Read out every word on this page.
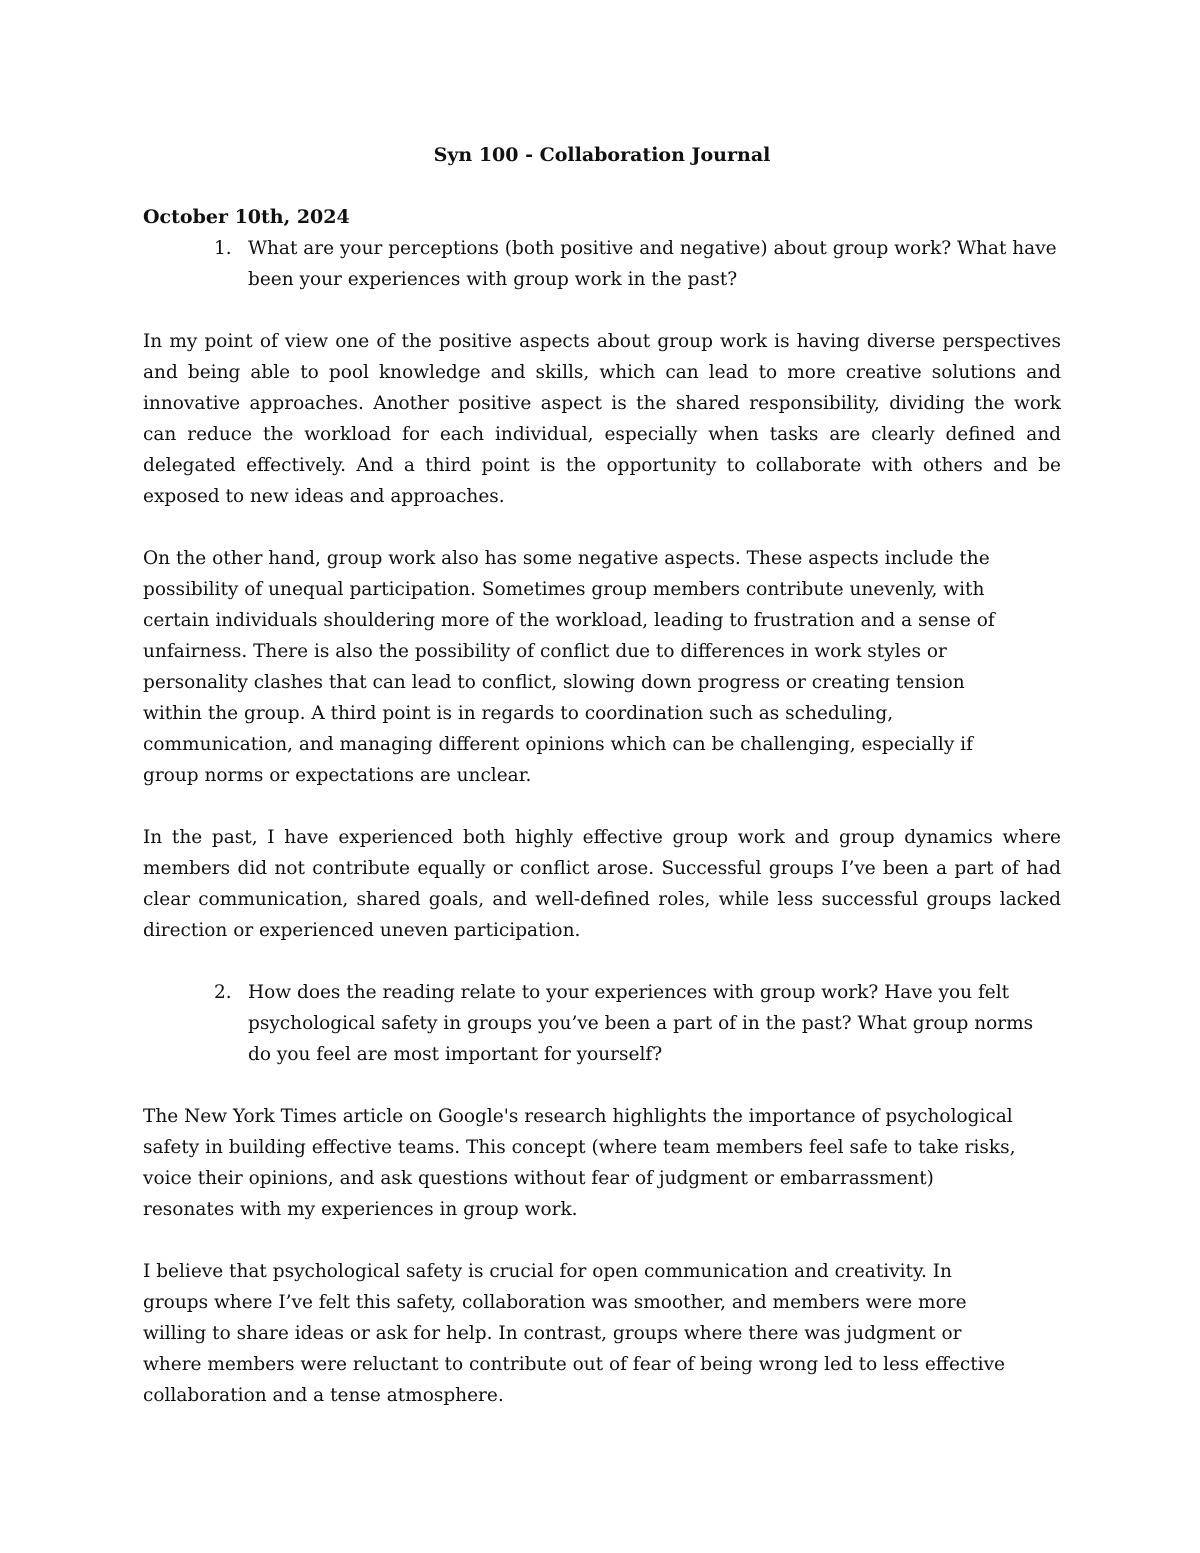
Syn 100 - Collaboration Journal
October 10th, 2024
1. What are your perceptions (both positive and negative) about group work? What have been your experiences with group work in the past?

In my point of view one of the positive aspects about group work is having diverse perspectives and being able to pool knowledge and skills, which can lead to more creative solutions and innovative approaches. Another positive aspect is the shared responsibility, dividing the work can reduce the workload for each individual, especially when tasks are clearly defined and delegated effectively. And a third point is the opportunity to collaborate with others and be exposed to new ideas and approaches.

On the other hand, group work also has some negative aspects. These aspects include the possibility of unequal participation. Sometimes group members contribute unevenly, with certain individuals shouldering more of the workload, leading to frustration and a sense of unfairness. There is also the possibility of conflict due to differences in work styles or personality clashes that can lead to conflict, slowing down progress or creating tension within the group. A third point is in regards to coordination such as scheduling, communication, and managing different opinions which can be challenging, especially if group norms or expectations are unclear.

In the past, I have experienced both highly effective group work and group dynamics where members did not contribute equally or conflict arose. Successful groups I’ve been a part of had clear communication, shared goals, and well-defined roles, while less successful groups lacked direction or experienced uneven participation.

2. How does the reading relate to your experiences with group work? Have you felt psychological safety in groups you’ve been a part of in the past? What group norms do you feel are most important for yourself?

The New York Times article on Google's research highlights the importance of psychological safety in building effective teams. This concept (where team members feel safe to take risks, voice their opinions, and ask questions without fear of judgment or embarrassment) resonates with my experiences in group work.

I believe that psychological safety is crucial for open communication and creativity. In groups where I’ve felt this safety, collaboration was smoother, and members were more willing to share ideas or ask for help. In contrast, groups where there was judgment or where members were reluctant to contribute out of fear of being wrong led to less effective collaboration and a tense atmosphere.
